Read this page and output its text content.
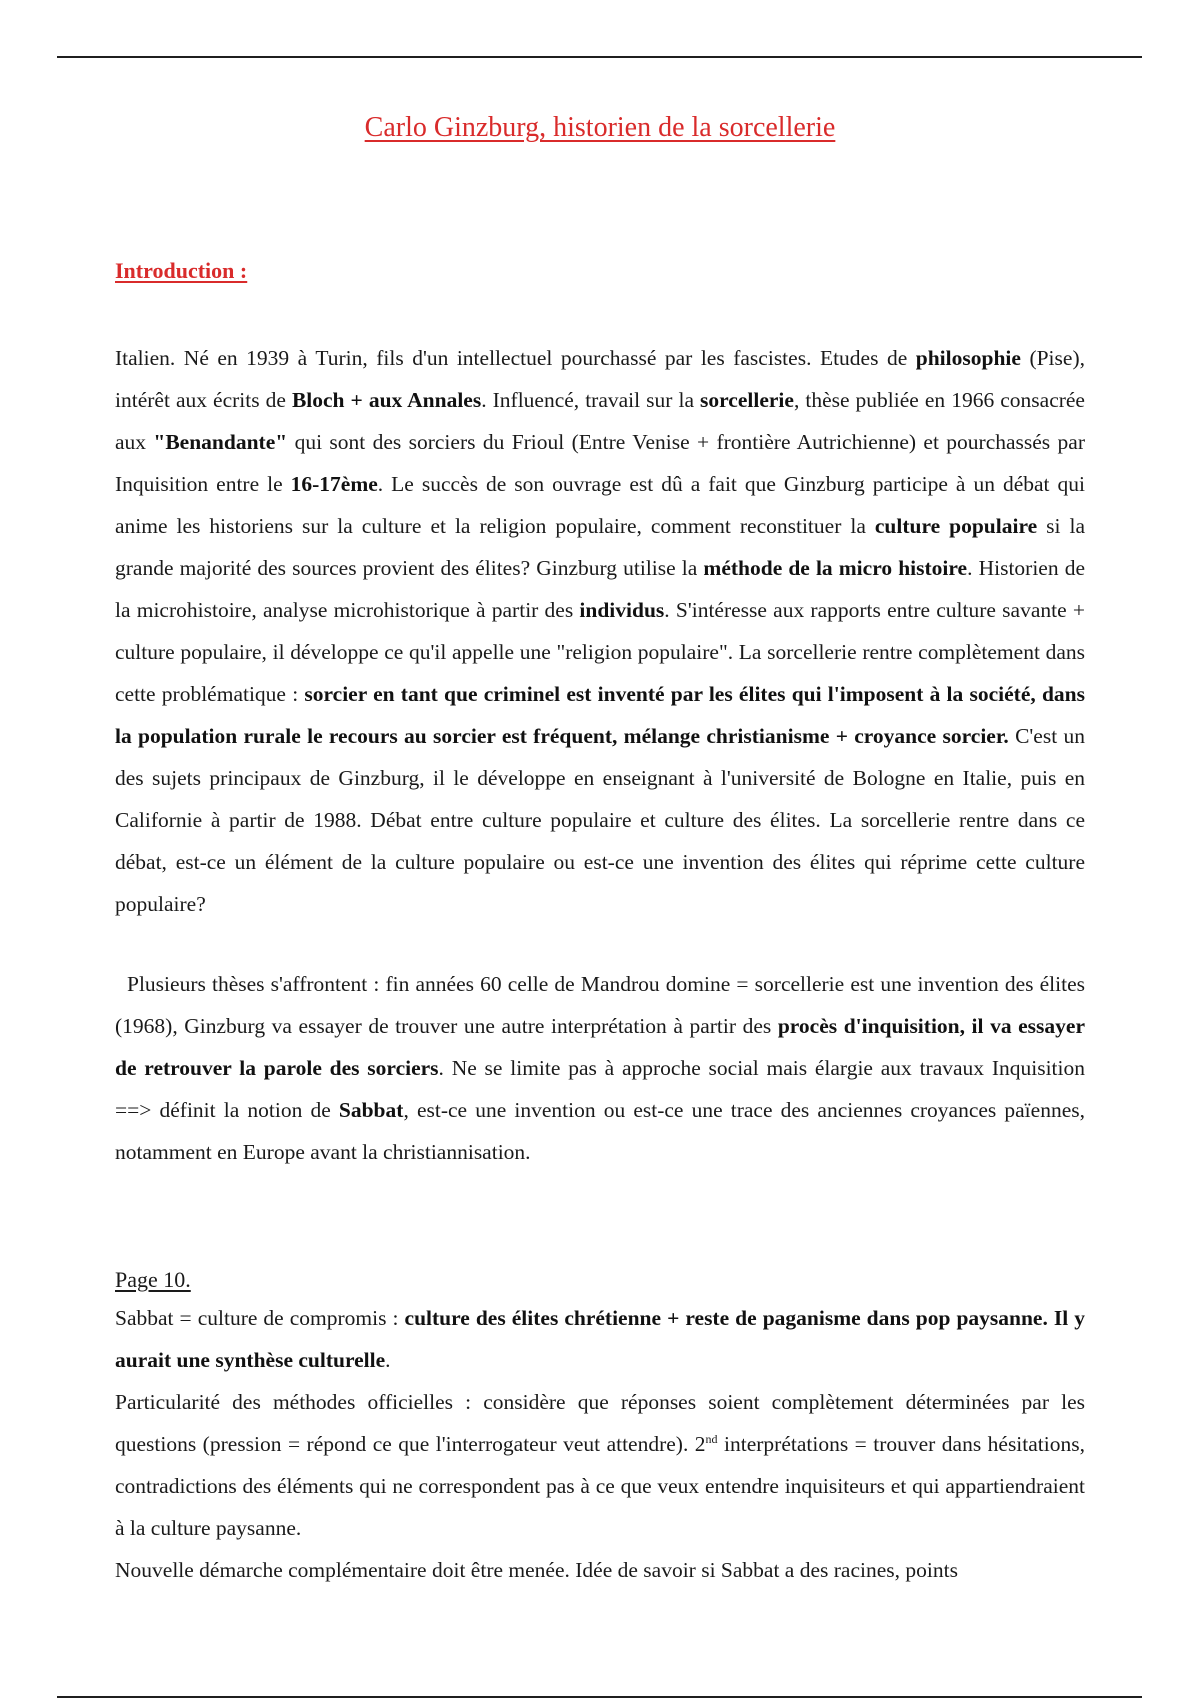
Carlo Ginzburg, historien de la sorcellerie
Introduction :
Italien. Né en 1939 à Turin, fils d'un intellectuel pourchassé par les fascistes. Etudes de philosophie (Pise), intérêt aux écrits de Bloch + aux Annales. Influencé, travail sur la sorcellerie, thèse publiée en 1966 consacrée aux "Benandante" qui sont des sorciers du Frioul (Entre Venise + frontière Autrichienne) et pourchassés par Inquisition entre le 16-17ème. Le succès de son ouvrage est dû a fait que Ginzburg participe à un débat qui anime les historiens sur la culture et la religion populaire, comment reconstituer la culture populaire si la grande majorité des sources provient des élites? Ginzburg utilise la méthode de la micro histoire. Historien de la microhistoire, analyse microhistorique à partir des individus. S'intéresse aux rapports entre culture savante + culture populaire, il développe ce qu'il appelle une "religion populaire". La sorcellerie rentre complètement dans cette problématique : sorcier en tant que criminel est inventé par les élites qui l'imposent à la société, dans la population rurale le recours au sorcier est fréquent, mélange christianisme + croyance sorcier. C'est un des sujets principaux de Ginzburg, il le développe en enseignant à l'université de Bologne en Italie, puis en Californie à partir de 1988. Débat entre culture populaire et culture des élites. La sorcellerie rentre dans ce débat, est-ce un élément de la culture populaire ou est-ce une invention des élites qui réprime cette culture populaire?
Plusieurs thèses s'affrontent : fin années 60 celle de Mandrou domine = sorcellerie est une invention des élites (1968), Ginzburg va essayer de trouver une autre interprétation à partir des procès d'inquisition, il va essayer de retrouver la parole des sorciers. Ne se limite pas à approche social mais élargie aux travaux Inquisition ==> définit la notion de Sabbat, est-ce une invention ou est-ce une trace des anciennes croyances païennes, notamment en Europe avant la christiannisation.
Page 10.

Sabbat = culture de compromis : culture des élites chrétienne + reste de paganisme dans pop paysanne. Il y aurait une synthèse culturelle.

Particularité des méthodes officielles : considère que réponses soient complètement déterminées par les questions (pression = répond ce que l'interrogateur veut attendre). 2nd interprétations = trouver dans hésitations, contradictions des éléments qui ne correspondent pas à ce que veux entendre inquisiteurs et qui appartiendraient à la culture paysanne.

Nouvelle démarche complémentaire doit être menée. Idée de savoir si Sabbat a des racines, points
